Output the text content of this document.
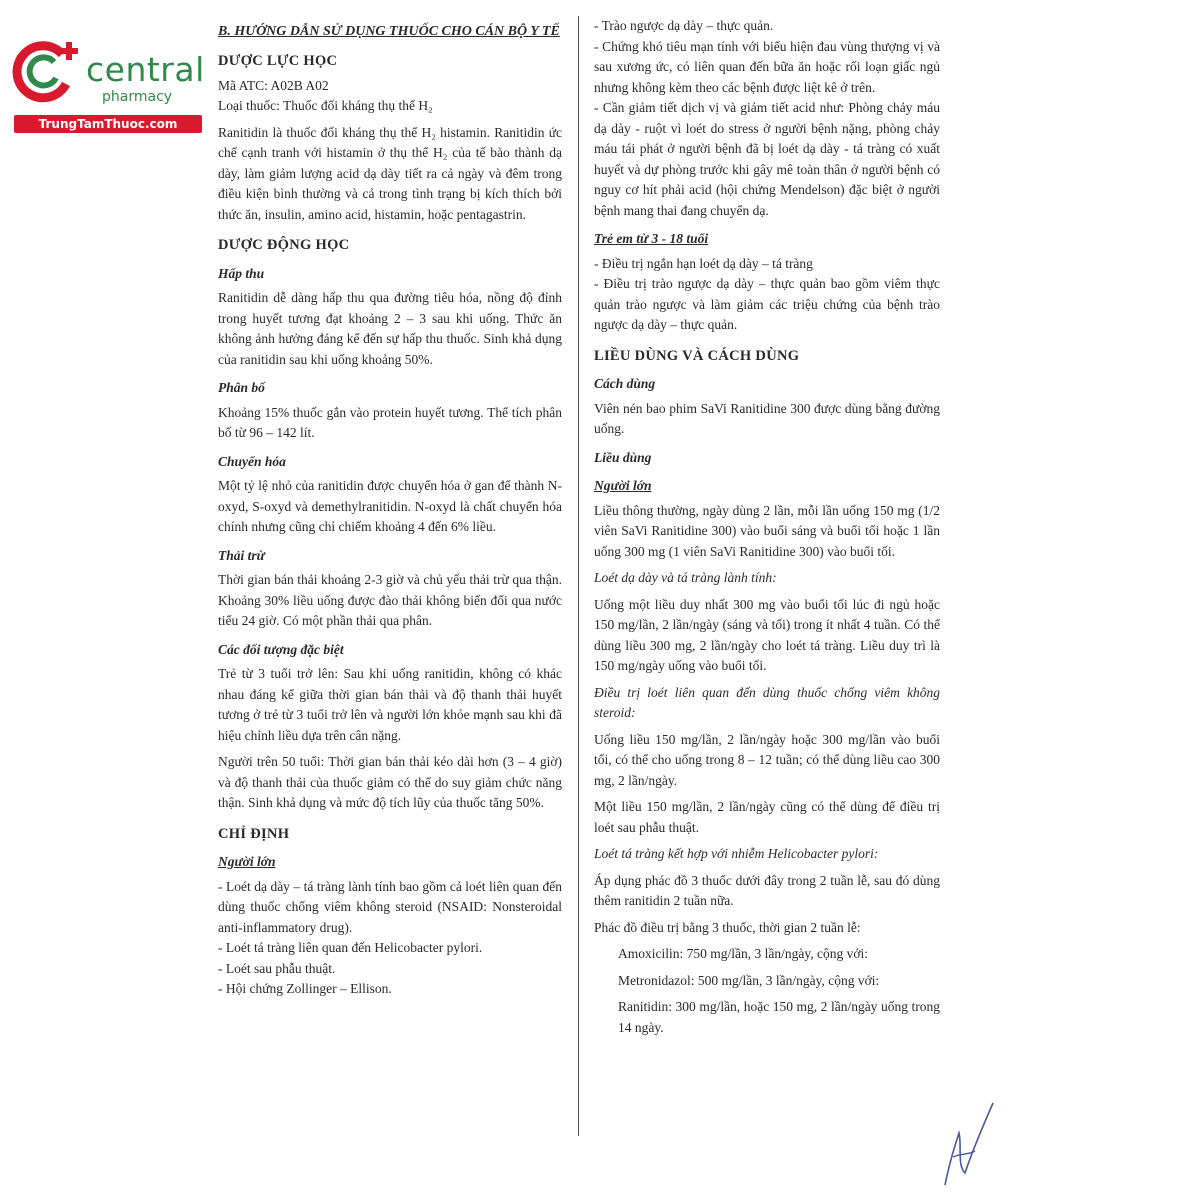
central
pharmacy
TrungTamThuoc.com
B. HƯỚNG DẪN SỬ DỤNG THUỐC CHO CÁN BỘ Y TẾ
DƯỢC LỰC HỌC

Mã ATC: A02B A02

Loại thuốc: Thuốc đối kháng thụ thể H₂

Ranitidin là thuốc đối kháng thụ thể H₂ histamin. Ranitidin ức chế cạnh tranh với histamin ở thụ thể H₂ của tế bào thành dạ dày, làm giảm lượng acid dạ dày tiết ra cả ngày và đêm trong điều kiện bình thường và cả trong tình trạng bị kích thích bởi thức ăn, insulin, amino acid, histamin, hoặc pentagastrin.

DƯỢC ĐỘNG HỌC
Hấp thu

Ranitidin dễ dàng hấp thu qua đường tiêu hóa, nồng độ đỉnh trong huyết tương đạt khoảng 2 – 3 sau khi uống. Thức ăn không ảnh hưởng đáng kể đến sự hấp thu thuốc. Sinh khả dụng của ranitidin sau khi uống khoảng 50%.

Phân bố

Khoảng 15% thuốc gắn vào protein huyết tương. Thể tích phân bố từ 96 – 142 lít.

Chuyển hóa

Một tỷ lệ nhỏ của ranitidin được chuyển hóa ở gan để thành N-oxyd, S-oxyd và demethylranitidin. N-oxyd là chất chuyển hóa chính nhưng cũng chỉ chiếm khoảng 4 đến 6% liều.

Thải trừ

Thời gian bán thải khoảng 2-3 giờ và chủ yếu thải trừ qua thận. Khoảng 30% liều uống được đào thải không biến đổi qua nước tiểu 24 giờ. Có một phần thải qua phân.

Các đối tượng đặc biệt

Trẻ từ 3 tuổi trở lên: Sau khi uống ranitidin, không có khác nhau đáng kể giữa thời gian bán thải và độ thanh thải huyết tương ở trẻ từ 3 tuổi trở lên và người lớn khỏe mạnh sau khi đã hiệu chỉnh liều dựa trên cân nặng.

Người trên 50 tuổi: Thời gian bán thải kéo dài hơn (3 – 4 giờ) và độ thanh thải của thuốc giảm có thể do suy giảm chức năng thận. Sinh khả dụng và mức độ tích lũy của thuốc tăng 50%.

CHỈ ĐỊNH
Người lớn

- Loét dạ dày – tá tràng lành tính bao gồm cả loét liên quan đến dùng thuốc chống viêm không steroid (NSAID: Nonsteroidal anti-inflammatory drug).

- Loét tá tràng liên quan đến Helicobacter pylori.

- Loét sau phẫu thuật.

- Hội chứng Zollinger – Ellison.

- Trào ngược dạ dày – thực quản.

- Chứng khó tiêu mạn tính với biểu hiện đau vùng thượng vị và sau xương ức, có liên quan đến bữa ăn hoặc rối loạn giấc ngủ nhưng không kèm theo các bệnh được liệt kê ở trên.

- Cần giảm tiết dịch vị và giảm tiết acid như: Phòng chảy máu dạ dày - ruột vì loét do stress ở người bệnh nặng, phòng chảy máu tái phát ở người bệnh đã bị loét dạ dày - tá tràng có xuất huyết và dự phòng trước khi gây mê toàn thân ở người bệnh có nguy cơ hít phải acid (hội chứng Mendelson) đặc biệt ở người bệnh mang thai đang chuyển dạ.

Trẻ em từ 3 - 18 tuổi

- Điều trị ngắn hạn loét dạ dày – tá tràng

- Điều trị trào ngược dạ dày – thực quản bao gồm viêm thực quản trào ngược và làm giảm các triệu chứng của bệnh trào ngược dạ dày – thực quản.

LIỀU DÙNG VÀ CÁCH DÙNG
Cách dùng

Viên nén bao phim SaVi Ranitidine 300 được dùng bằng đường uống.

Liều dùng
Người lớn

Liều thông thường, ngày dùng 2 lần, mỗi lần uống 150 mg (1/2 viên SaVi Ranitidine 300) vào buổi sáng và buổi tối hoặc 1 lần uống 300 mg (1 viên SaVi Ranitidine 300) vào buổi tối.

Loét dạ dày và tá tràng lành tính:

Uống một liều duy nhất 300 mg vào buổi tối lúc đi ngủ hoặc 150 mg/lần, 2 lần/ngày (sáng và tối) trong ít nhất 4 tuần. Có thể dùng liều 300 mg, 2 lần/ngày cho loét tá tràng. Liều duy trì là 150 mg/ngày uống vào buổi tối.

Điều trị loét liên quan đến dùng thuốc chống viêm không steroid:

Uống liều 150 mg/lần, 2 lần/ngày hoặc 300 mg/lần vào buổi tối, có thể cho uống trong 8 – 12 tuần; có thể dùng liều cao 300 mg, 2 lần/ngày.

Một liều 150 mg/lần, 2 lần/ngày cũng có thể dùng để điều trị loét sau phẫu thuật.

Loét tá tràng kết hợp với nhiễm Helicobacter pylori:

Áp dụng phác đồ 3 thuốc dưới đây trong 2 tuần lễ, sau đó dùng thêm ranitidin 2 tuần nữa.

Phác đồ điều trị bằng 3 thuốc, thời gian 2 tuần lễ:

Amoxicilin: 750 mg/lần, 3 lần/ngày, cộng với:

Metronidazol: 500 mg/lần, 3 lần/ngày, cộng với:

Ranitidin: 300 mg/lần, hoặc 150 mg, 2 lần/ngày uống trong 14 ngày.
